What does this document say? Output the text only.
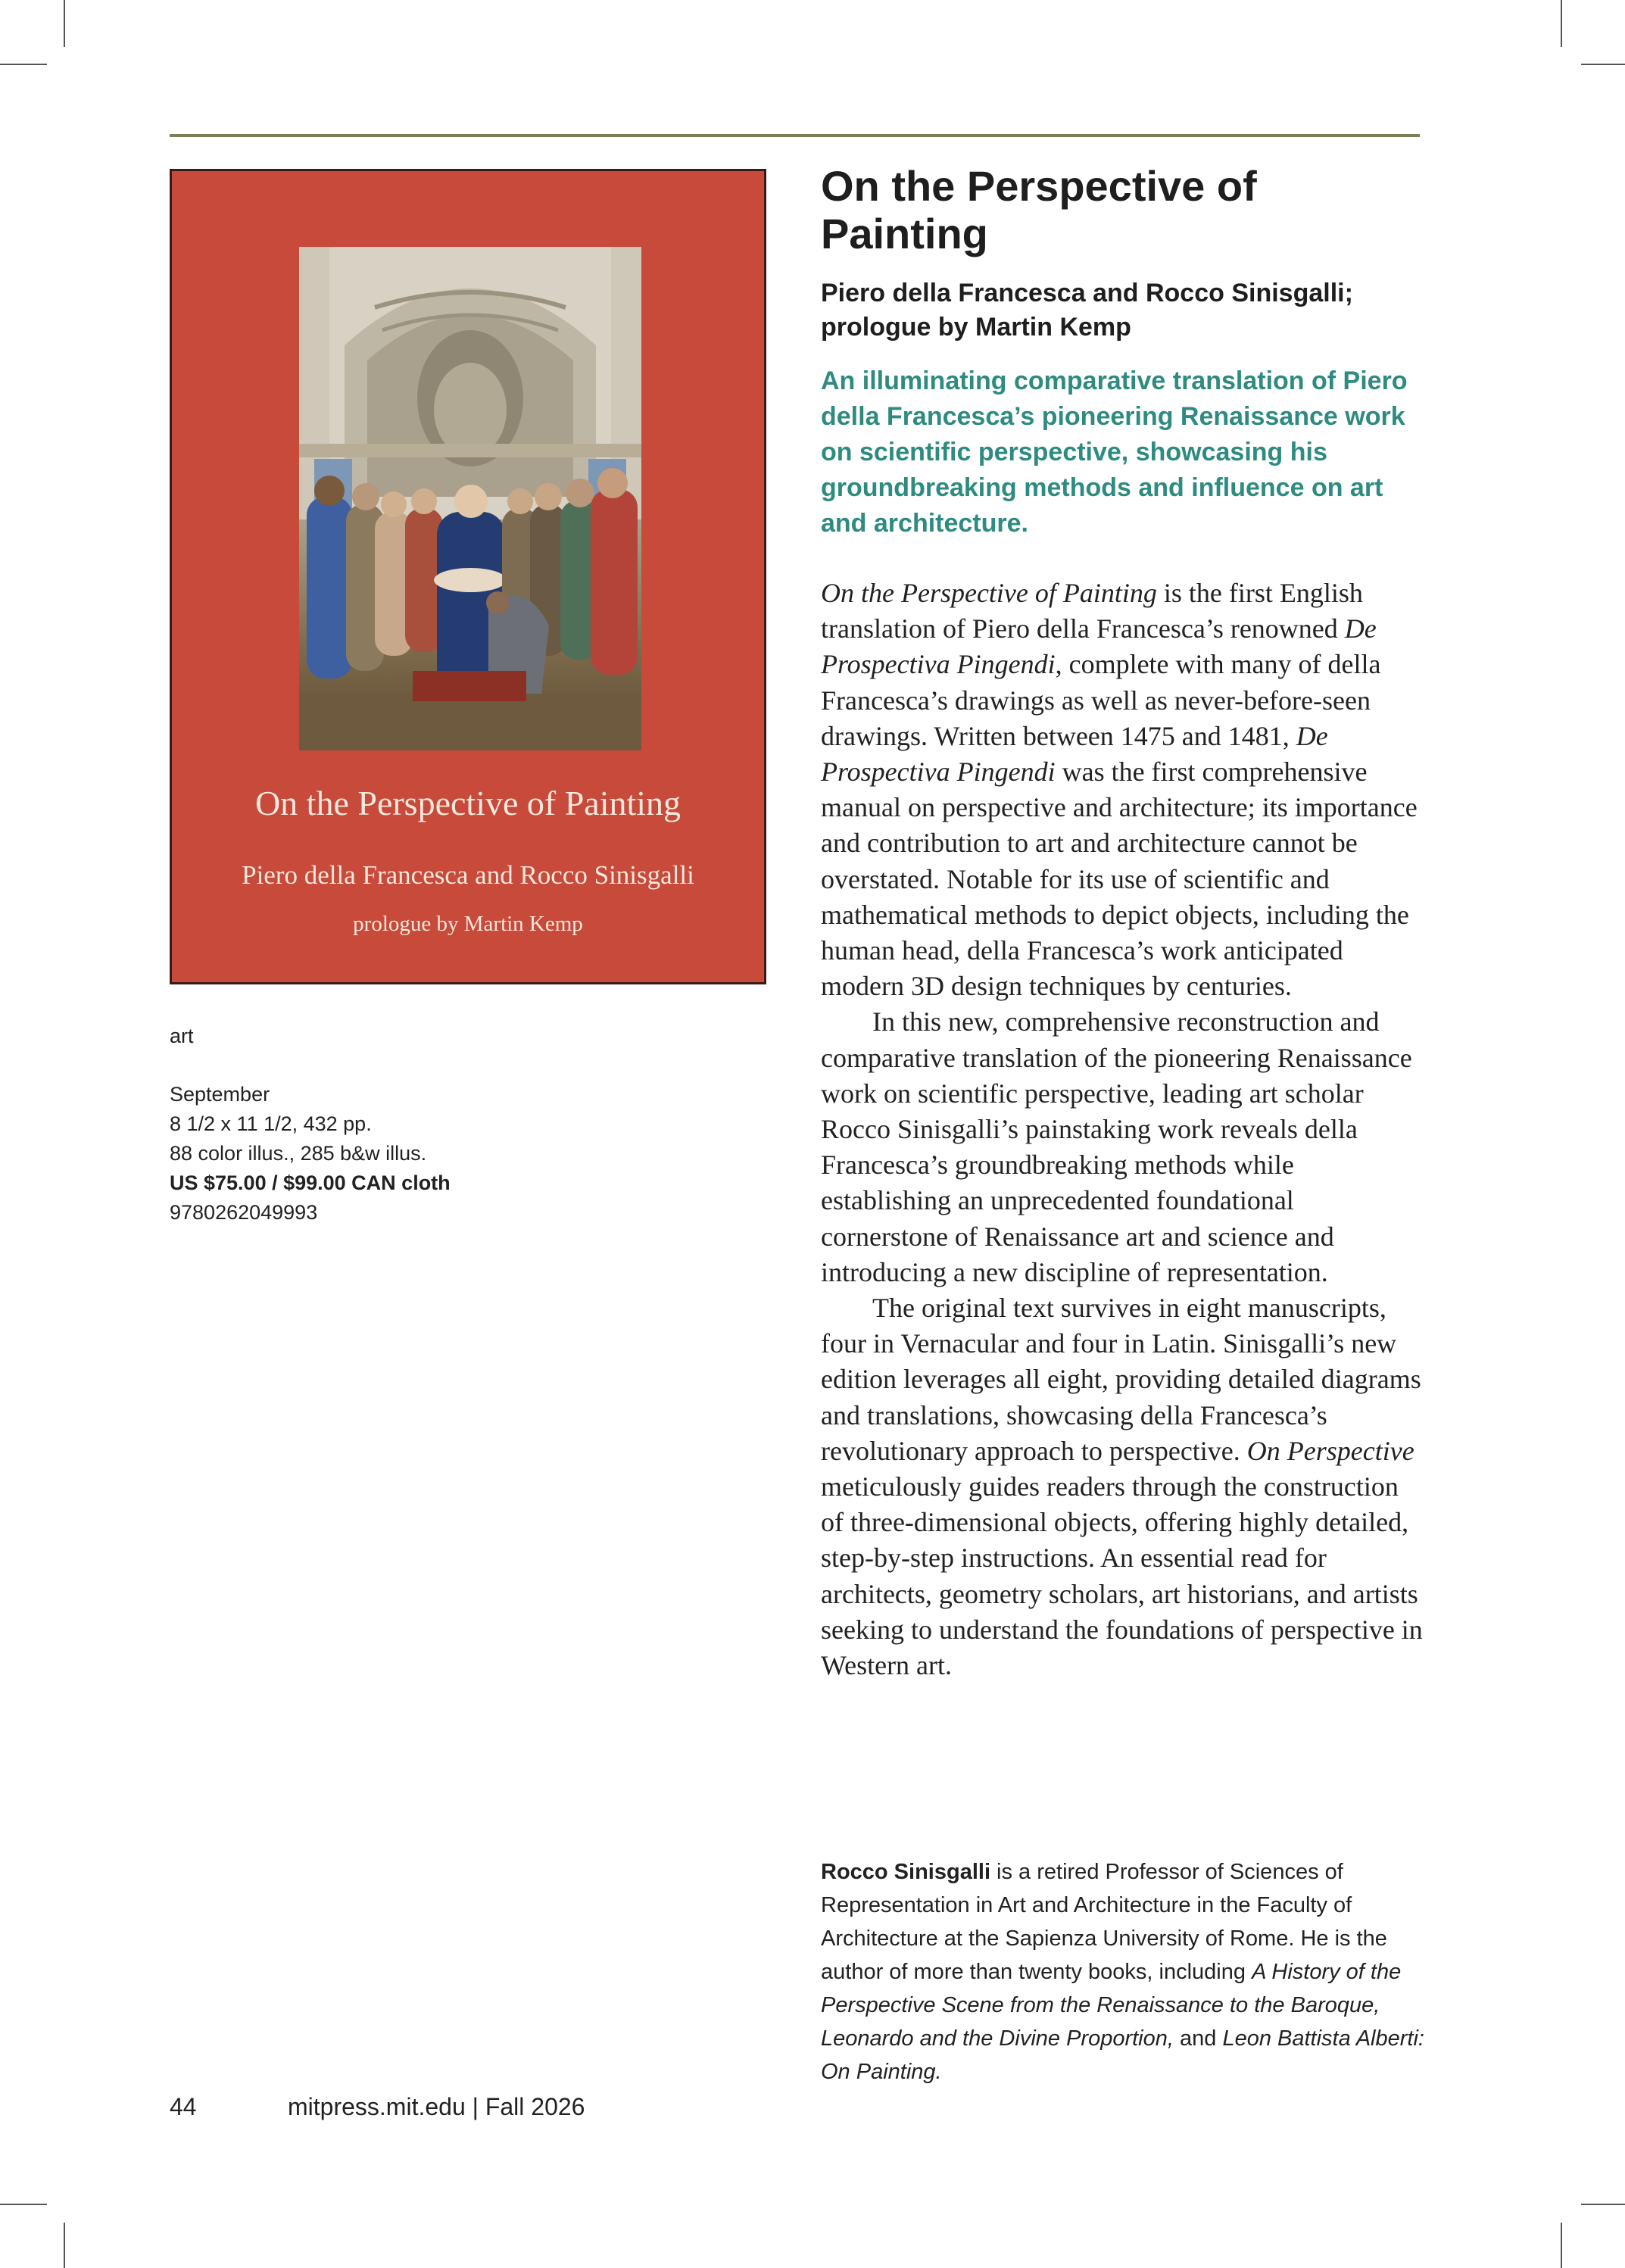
On the Perspective of Painting
Piero della Francesca and Rocco Sinisgalli
prologue by Martin Kemp
art
September
8 1/2 x 11 1/2, 432 pp.
88 color illus., 285 b&w illus.
US $75.00 / $99.00 CAN cloth
9780262049993
On the Perspective of Painting
Piero della Francesca and Rocco Sinisgalli; prologue by Martin Kemp
An illuminating comparative translation of Piero della Francesca’s pioneering Renaissance work on scientific perspective, showcasing his groundbreaking methods and influence on art and architecture.

On the Perspective of Painting is the first English translation of Piero della Francesca’s renowned De Prospectiva Pingendi, complete with many of della Francesca’s drawings as well as never-before-seen drawings. Written between 1475 and 1481, De Prospectiva Pingendi was the first comprehensive manual on perspective and architecture; its importance and contribution to art and architecture cannot be overstated. Notable for its use of scientific and mathematical methods to depict objects, including the human head, della Francesca’s work anticipated modern 3D design techniques by centuries.

In this new, comprehensive reconstruction and comparative translation of the pioneering Renaissance work on scientific perspective, leading art scholar Rocco Sinisgalli’s painstaking work reveals della Francesca’s groundbreaking methods while establishing an unprecedented foundational cornerstone of Renaissance art and science and introducing a new discipline of representation.

The original text survives in eight manuscripts, four in Vernacular and four in Latin. Sinisgalli’s new edition leverages all eight, providing detailed diagrams and translations, showcasing della Francesca’s revolutionary approach to perspective. On Perspective meticulously guides readers through the construction of three-dimensional objects, offering highly detailed, step-by-step instructions. An essential read for architects, geometry scholars, art historians, and artists seeking to understand the foundations of perspective in Western art.

Rocco Sinisgalli is a retired Professor of Sciences of Representation in Art and Architecture in the Faculty of Architecture at the Sapienza University of Rome. He is the author of more than twenty books, including A History of the Perspective Scene from the Renaissance to the Baroque, Leonardo and the Divine Proportion, and Leon Battista Alberti: On Painting.
44	mitpress.mit.edu | Fall 2026
